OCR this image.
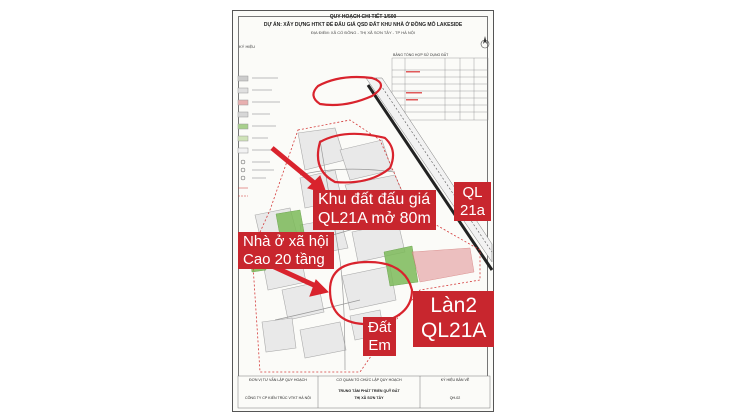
QUY HOẠCH CHI TIẾT 1/500
DỰ ÁN: XÂY DỰNG HTKT ĐỂ ĐẤU GIÁ QSD ĐẤT KHU NHÀ Ở ĐỒNG MÔ LAKESIDE
ĐỊA ĐIỂM: XÃ CỔ ĐÔNG - THỊ XÃ SƠN TÂY - TP HÀ NỘI
KÝ HIỆU
BẢNG TỔNG HỢP SỬ DỤNG ĐẤT
ĐƠN VỊ TƯ VẤN LẬP QUY HOẠCH
CÔNG TY CP KIẾN TRÚC VTKT HÀ NỘI
CƠ QUAN TỔ CHỨC LẬP QUY HOẠCH
TRUNG TÂM PHÁT TRIỂN QUỸ ĐẤT
THỊ XÃ SƠN TÂY
KÝ HIỆU BẢN VẼ
QH-02
Khu đất đấu giá
QL21A mở 80m
Nhà ở xã hội
Cao 20 tầng
QL
21a
Làn2
QL21A
Đất
Em
